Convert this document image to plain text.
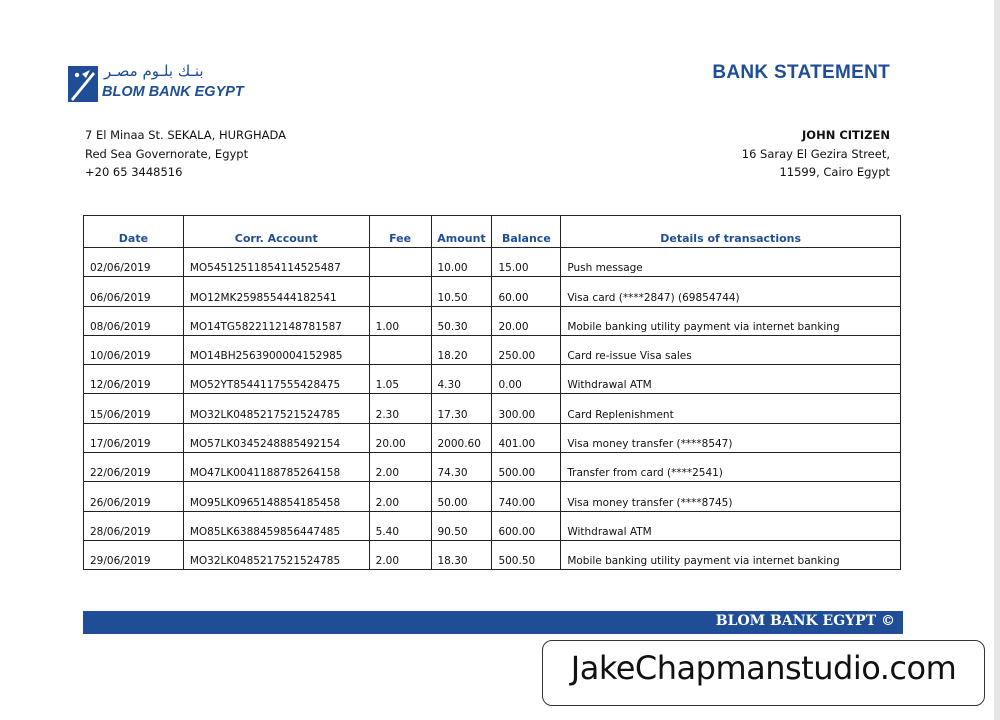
بنـك بلـوم مصـر
BLOM BANK EGYPT
BANK STATEMENT
7 El Minaa St. SEKALA, HURGHADA
Red Sea Governorate, Egypt
+20 65 3448516
JOHN CITIZEN
16 Saray El Gezira Street,
11599, Cairo Egypt
Date	Corr. Account	Fee	Amount	Balance	Details of transactions
02/06/2019	MO54512511854114525487		10.00	15.00	Push message
06/06/2019	MO12MK259855444182541		10.50	60.00	Visa card (****2847) (69854744)
08/06/2019	MO14TG5822112148781587	1.00	50.30	20.00	Mobile banking utility payment via internet banking
10/06/2019	MO14BH2563900004152985		18.20	250.00	Card re-issue Visa sales
12/06/2019	MO52YT8544117555428475	1.05	4.30	0.00	Withdrawal ATM
15/06/2019	MO32LK0485217521524785	2.30	17.30	300.00	Card Replenishment
17/06/2019	MO57LK0345248885492154	20.00	2000.60	401.00	Visa money transfer (****8547)
22/06/2019	MO47LK0041188785264158	2.00	74.30	500.00	Transfer from card (****2541)
26/06/2019	MO95LK0965148854185458	2.00	50.00	740.00	Visa money transfer (****8745)
28/06/2019	MO85LK6388459856447485	5.40	90.50	600.00	Withdrawal ATM
29/06/2019	MO32LK0485217521524785	2.00	18.30	500.50	Mobile banking utility payment via internet banking
BLOM BANK EGYPT ©
JakeChapmanstudio.com
